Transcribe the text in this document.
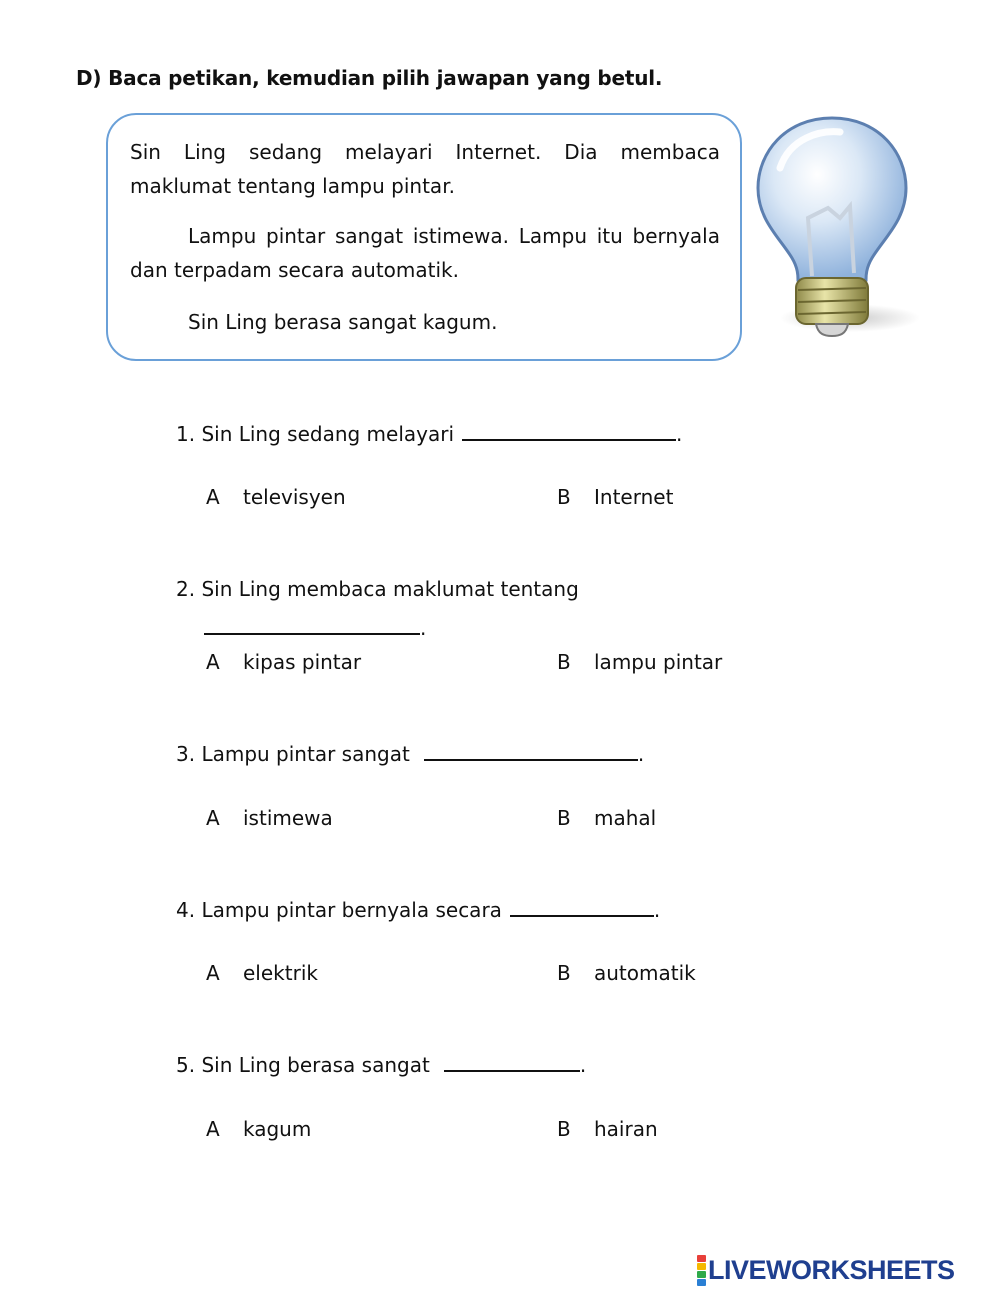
D) Baca petikan, kemudian pilih jawapan yang betul.
Sin Ling sedang melayari Internet. Dia membaca
maklumat tentang lampu pintar.
Lampu pintar sangat istimewa. Lampu itu bernyala
dan terpadam secara automatik.
Sin Ling berasa sangat kagum.
1. Sin Ling sedang melayari	.
A televisyen	B Internet
2. Sin Ling membaca maklumat tentang
.
A kipas pintar	B lampu pintar
3. Lampu pintar sangat	.
A istimewa	B mahal
4. Lampu pintar bernyala secara	.
A elektrik	B automatik
5. Sin Ling berasa sangat	.
A kagum	B hairan
LIVEWORKSHEETS
